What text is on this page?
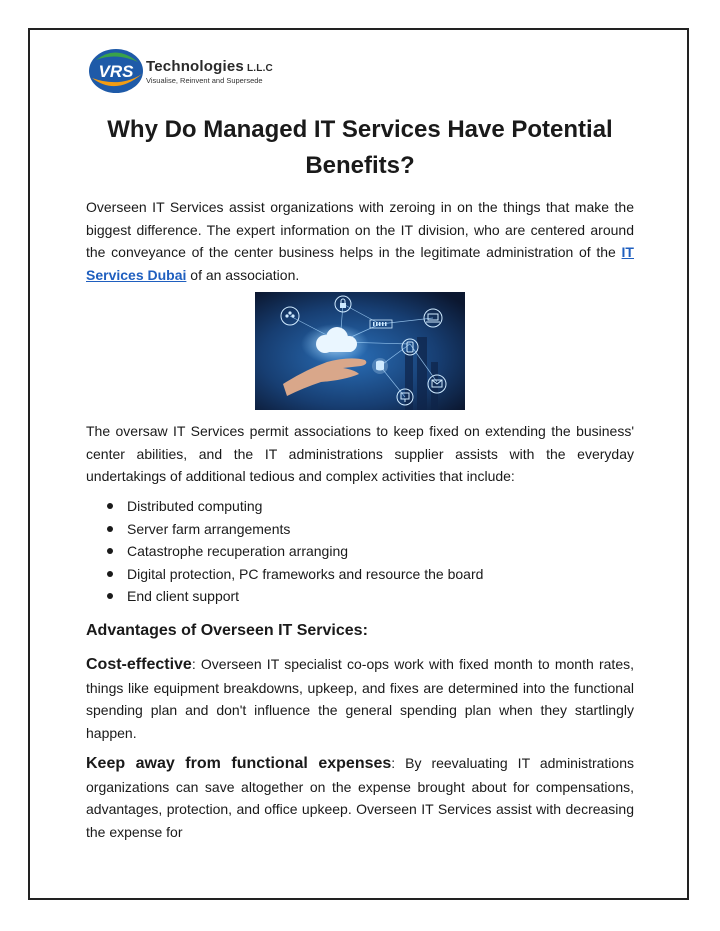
VRS Technologies L.L.C
Visualise, Reinvent and Supersede
Why Do Managed IT Services Have Potential Benefits?

Overseen IT Services assist organizations with zeroing in on the things that make the biggest difference. The expert information on the IT division, who are centered around the conveyance of the center business helps in the legitimate administration of the IT Services Dubai of an association.

The oversaw IT Services permit associations to keep fixed on extending the business' center abilities, and the IT administrations supplier assists with the everyday undertakings of additional tedious and complex activities that include:

Distributed computing
Server farm arrangements
Catastrophe recuperation arranging
Digital protection, PC frameworks and resource the board
End client support
Advantages of Overseen IT Services:

Cost-effective: Overseen IT specialist co-ops work with fixed month to month rates, things like equipment breakdowns, upkeep, and fixes are determined into the functional spending plan and don't influence the general spending plan when they startlingly happen.

Keep away from functional expenses: By reevaluating IT administrations organizations can save altogether on the expense brought about for compensations, advantages, protection, and office upkeep. Overseen IT Services assist with decreasing the expense for
